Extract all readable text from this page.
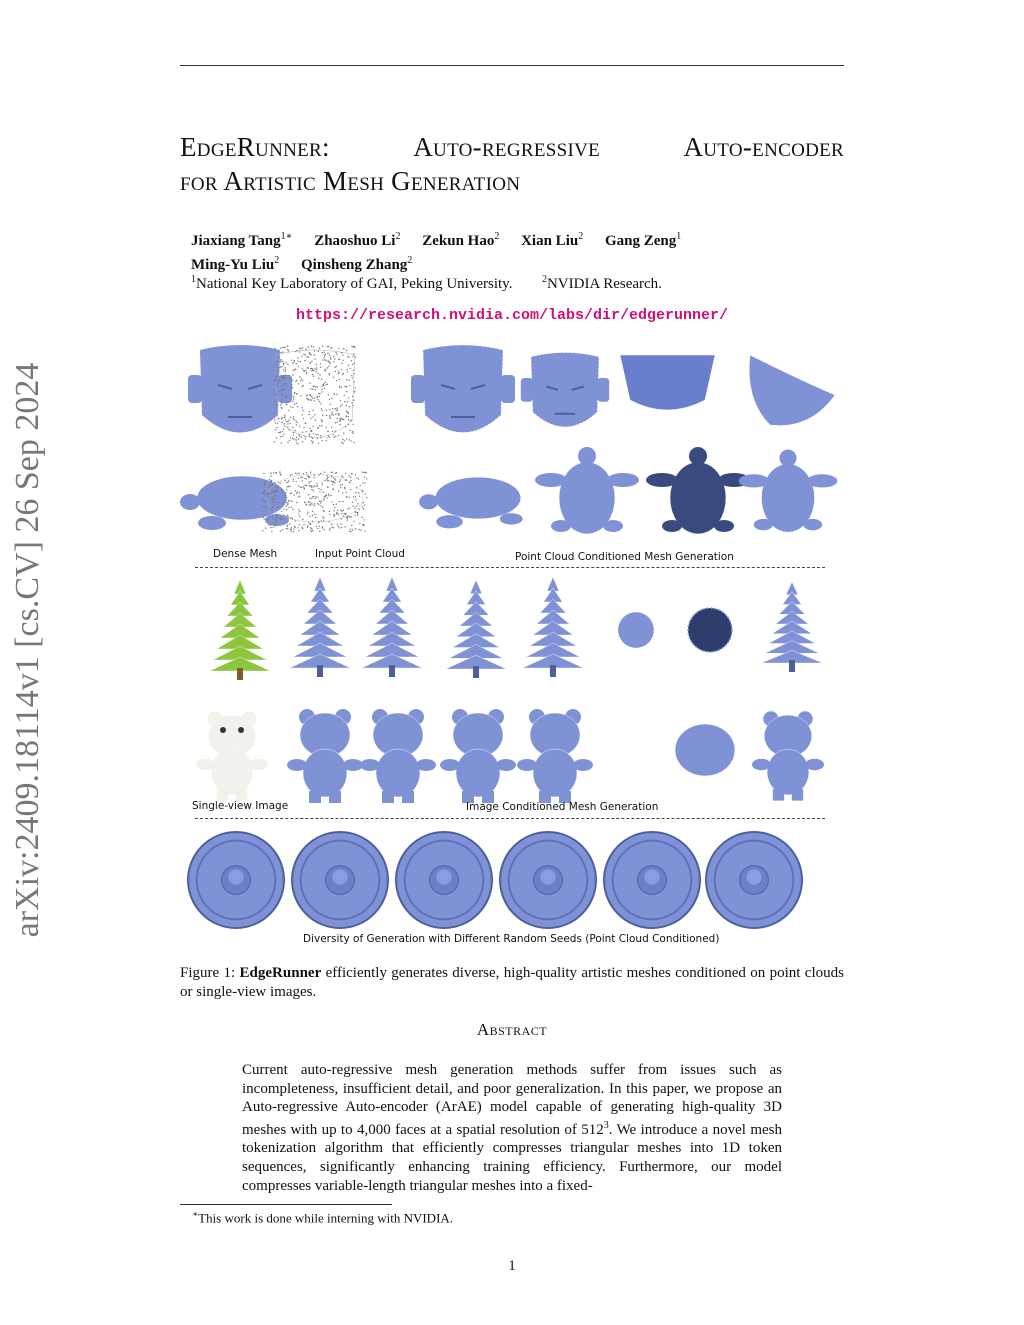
arXiv:2409.18114v1 [cs.CV] 26 Sep 2024
EdgeRunner: Auto-regressive Auto-encoder
for Artistic Mesh Generation
Jiaxiang Tang$^{1∗}$ Zhaoshuo Li$^2$ Zekun Hao$^2$ Xian Liu$^2$ Gang Zeng$^1$
Ming-Yu Liu$^2$ Qinsheng Zhang$^2$
$^1$National Key Laboratory of GAI, Peking University.	$^2$NVIDIA Research.
https://research.nvidia.com/labs/dir/edgerunner/
Dense Mesh	Input Point Cloud	Point Cloud Conditioned Mesh Generation
Single-view Image	Image Conditioned Mesh Generation
Diversity of Generation with Different Random Seeds (Point Cloud Conditioned)
Figure 1: EdgeRunner efficiently generates diverse, high-quality artistic meshes conditioned on point clouds or single-view images.
Abstract
Current auto-regressive mesh generation methods suffer from issues such as incompleteness, insufficient detail, and poor generalization. In this paper, we propose an Auto-regressive Auto-encoder (ArAE) model capable of generating high-quality 3D meshes with up to 4,000 faces at a spatial resolution of $512^3$. We introduce a novel mesh tokenization algorithm that efficiently compresses triangular meshes into 1D token sequences, significantly enhancing training efficiency. Furthermore, our model compresses variable-length triangular meshes into a fixed-
∗This work is done while interning with NVIDIA.
1
